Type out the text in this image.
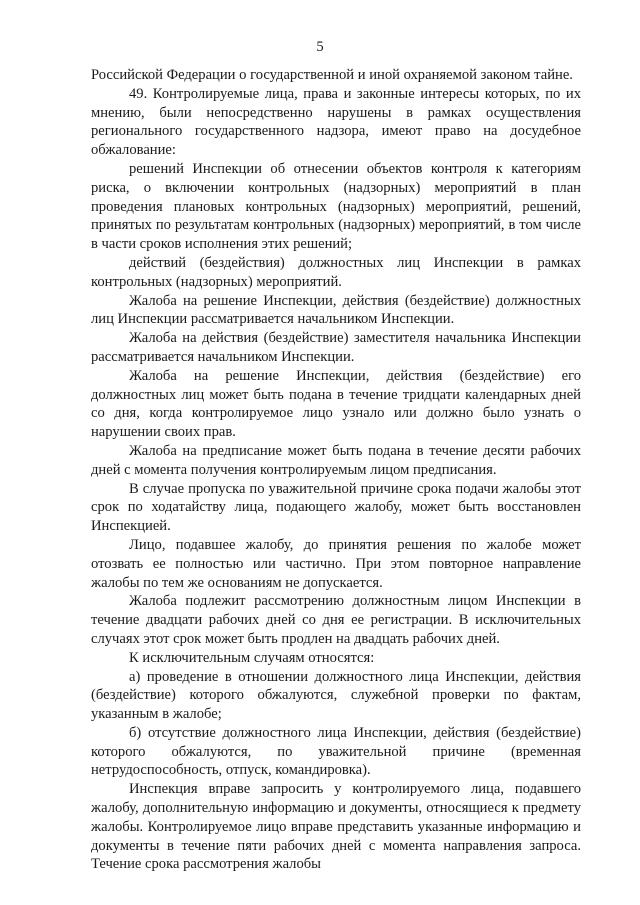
5

Российской Федерации о государственной и иной охраняемой законом тайне.

49. Контролируемые лица, права и законные интересы которых, по их мнению, были непосредственно нарушены в рамках осуществления регионального государственного надзора, имеют право на досудебное обжалование:

решений Инспекции об отнесении объектов контроля к категориям риска, о включении контрольных (надзорных) мероприятий в план проведения плановых контрольных (надзорных) мероприятий, решений, принятых по результатам контрольных (надзорных) мероприятий, в том числе в части сроков исполнения этих решений;

действий (бездействия) должностных лиц Инспекции в рамках контрольных (надзорных) мероприятий.

Жалоба на решение Инспекции, действия (бездействие) должностных лиц Инспекции рассматривается начальником Инспекции.

Жалоба на действия (бездействие) заместителя начальника Инспекции рассматривается начальником Инспекции.

Жалоба на решение Инспекции, действия (бездействие) его должностных лиц может быть подана в течение тридцати календарных дней со дня, когда контролируемое лицо узнало или должно было узнать о нарушении своих прав.

Жалоба на предписание может быть подана в течение десяти рабочих дней с момента получения контролируемым лицом предписания.

В случае пропуска по уважительной причине срока подачи жалобы этот срок по ходатайству лица, подающего жалобу, может быть восстановлен Инспекцией.

Лицо, подавшее жалобу, до принятия решения по жалобе может отозвать ее полностью или частично. При этом повторное направление жалобы по тем же основаниям не допускается.

Жалоба подлежит рассмотрению должностным лицом Инспекции в течение двадцати рабочих дней со дня ее регистрации. В исключительных случаях этот срок может быть продлен на двадцать рабочих дней.

К исключительным случаям относятся:

а) проведение в отношении должностного лица Инспекции, действия (бездействие) которого обжалуются, служебной проверки по фактам, указанным в жалобе;

б) отсутствие должностного лица Инспекции, действия (бездействие) которого обжалуются, по уважительной причине (временная нетрудоспособность, отпуск, командировка).

Инспекция вправе запросить у контролируемого лица, подавшего жалобу, дополнительную информацию и документы, относящиеся к предмету жалобы. Контролируемое лицо вправе представить указанные информацию и документы в течение пяти рабочих дней с момента направления запроса. Течение срока рассмотрения жалобы
